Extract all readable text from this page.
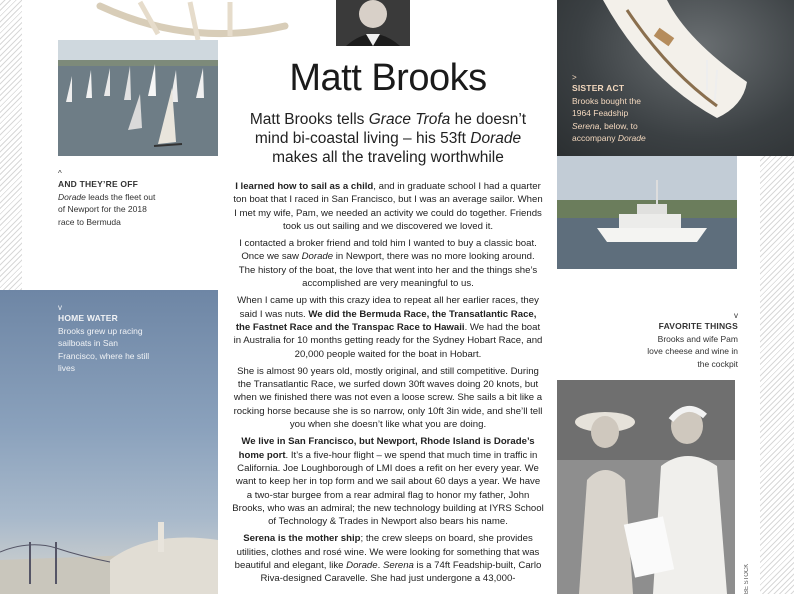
Matt Brooks
Matt Brooks tells Grace Trofa he doesn’t mind bi-coastal living – his 53ft Dorade makes all the traveling worthwhile

I learned how to sail as a child, and in graduate school I had a quarter ton boat that I raced in San Francisco, but I was an average sailor. When I met my wife, Pam, we needed an activity we could do together. Friends took us out sailing and we discovered we loved it.

I contacted a broker friend and told him I wanted to buy a classic boat. Once we saw Dorade in Newport, there was no more looking around. The history of the boat, the love that went into her and the things she’s accomplished are very meaningful to us.

When I came up with this crazy idea to repeat all her earlier races, they said I was nuts. We did the Bermuda Race, the Transatlantic Race, the Fastnet Race and the Transpac Race to Hawaii. We had the boat in Australia for 10 months getting ready for the Sydney Hobart Race, and 20,000 people waited for the boat in Hobart.

She is almost 90 years old, mostly original, and still competitive. During the Transatlantic Race, we surfed down 30ft waves doing 20 knots, but when we finished there was not even a loose screw. She sails a bit like a rocking horse because she is so narrow, only 10ft 3in wide, and she’ll tell you when she doesn’t like what you are doing.

We live in San Francisco, but Newport, Rhode Island is Dorade’s home port. It’s a five-hour flight – we spend that much time in traffic in California. Joe Loughborough of LMI does a refit on her every year. We want to keep her in top form and we sail about 60 days a year. We have a two-star burgee from a rear admiral flag to honor my father, John Brooks, who was an admiral; the new technology building at IYRS School of Technology & Trades in Newport also bears his name.

Serena is the mother ship; the crew sleeps on board, she provides utilities, clothes and rosé wine. We were looking for something that was beautiful and elegant, like Dorade. Serena is a 74ft Feadship-built, Carlo Riva-designed Caravelle. She had just undergone a 43,000-

^
AND THEY’RE OFF
Dorade leads the fleet out of Newport for the 2018 race to Bermuda
>
SISTER ACT
Brooks bought the 1964 Feadship Serena, below, to accompany Dorade
v
HOME WATER
Brooks grew up racing sailboats in San Francisco, where he still lives
v
FAVORITE THINGS
Brooks and wife Pam love cheese and wine in the cockpit
BE STOCK
